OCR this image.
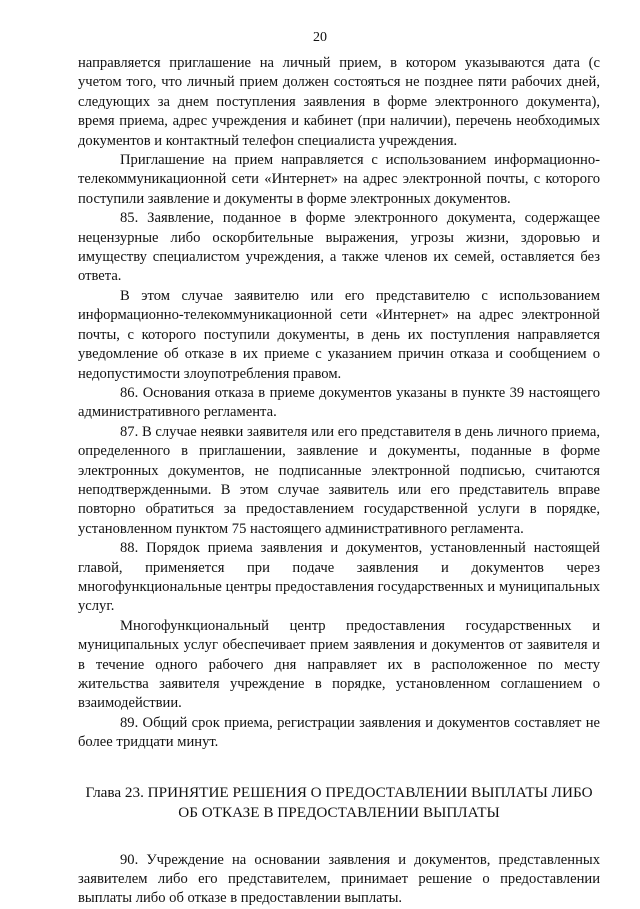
20

направляется приглашение на личный прием, в котором указываются дата (с учетом того, что личный прием должен состояться не позднее пяти рабочих дней, следующих за днем поступления заявления в форме электронного документа), время приема, адрес учреждения и кабинет (при наличии), перечень необходимых документов и контактный телефон специалиста учреждения.

Приглашение на прием направляется с использованием информационно-телекоммуникационной сети «Интернет» на адрес электронной почты, с которого поступили заявление и документы в форме электронных документов.

85. Заявление, поданное в форме электронного документа, содержащее нецензурные либо оскорбительные выражения, угрозы жизни, здоровью и имуществу специалистом учреждения, а также членов их семей, оставляется без ответа.

В этом случае заявителю или его представителю с использованием информационно-телекоммуникационной сети «Интернет» на адрес электронной почты, с которого поступили документы, в день их поступления направляется уведомление об отказе в их приеме с указанием причин отказа и сообщением о недопустимости злоупотребления правом.

86. Основания отказа в приеме документов указаны в пункте 39 настоящего административного регламента.

87. В случае неявки заявителя или его представителя в день личного приема, определенного в приглашении, заявление и документы, поданные в форме электронных документов, не подписанные электронной подписью, считаются неподтвержденными. В этом случае заявитель или его представитель вправе повторно обратиться за предоставлением государственной услуги в порядке, установленном пунктом 75 настоящего административного регламента.

88. Порядок приема заявления и документов, установленный настоящей главой, применяется при подаче заявления и документов через многофункциональные центры предоставления государственных и муниципальных услуг.

Многофункциональный центр предоставления государственных и муниципальных услуг обеспечивает прием заявления и документов от заявителя и в течение одного рабочего дня направляет их в расположенное по месту жительства заявителя учреждение в порядке, установленном соглашением о взаимодействии.

89. Общий срок приема, регистрации заявления и документов составляет не более тридцати минут.

Глава 23. ПРИНЯТИЕ РЕШЕНИЯ О ПРЕДОСТАВЛЕНИИ ВЫПЛАТЫ ЛИБО
ОБ ОТКАЗЕ В ПРЕДОСТАВЛЕНИИ ВЫПЛАТЫ

90. Учреждение на основании заявления и документов, представленных заявителем либо его представителем, принимает решение о предоставлении выплаты либо об отказе в предоставлении выплаты.
